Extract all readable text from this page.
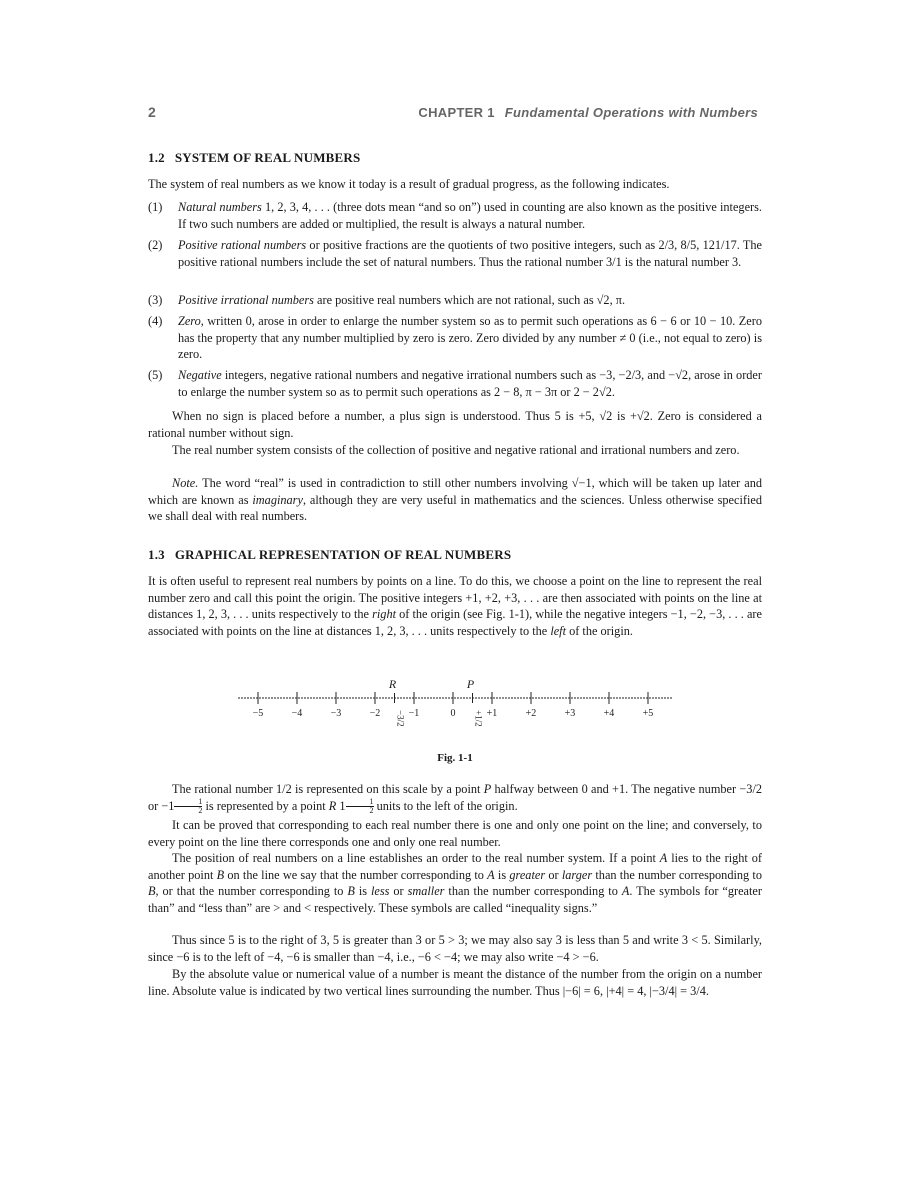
2	CHAPTER 1 Fundamental Operations with Numbers
1.2 SYSTEM OF REAL NUMBERS

The system of real numbers as we know it today is a result of gradual progress, as the following indicates.

(1) Natural numbers 1, 2, 3, 4, . . . (three dots mean “and so on”) used in counting are also known as the positive integers. If two such numbers are added or multiplied, the result is always a natural number.
(2) Positive rational numbers or positive fractions are the quotients of two positive integers, such as 2/3, 8/5, 121/17. The positive rational numbers include the set of natural numbers. Thus the rational number 3/1 is the natural number 3.
(3) Positive irrational numbers are positive real numbers which are not rational, such as √2, π.
(4) Zero, written 0, arose in order to enlarge the number system so as to permit such operations as 6 − 6 or 10 − 10. Zero has the property that any number multiplied by zero is zero. Zero divided by any number ≠ 0 (i.e., not equal to zero) is zero.
(5) Negative integers, negative rational numbers and negative irrational numbers such as −3, −2/3, and −√2, arose in order to enlarge the number system so as to permit such operations as 2 − 8, π − 3π or 2 − 2√2.

When no sign is placed before a number, a plus sign is understood. Thus 5 is +5, √2 is +√2. Zero is considered a rational number without sign.

The real number system consists of the collection of positive and negative rational and irrational numbers and zero.

Note. The word “real” is used in contradiction to still other numbers involving √−1, which will be taken up later and which are known as imaginary, although they are very useful in mathematics and the sciences. Unless otherwise specified we shall deal with real numbers.

1.3 GRAPHICAL REPRESENTATION OF REAL NUMBERS

It is often useful to represent real numbers by points on a line. To do this, we choose a point on the line to represent the real number zero and call this point the origin. The positive integers +1, +2, +3, . . . are then associated with points on the line at distances 1, 2, 3, . . . units respectively to the right of the origin (see Fig. 1-1), while the negative integers −1, −2, −3, . . . are associated with points on the line at distances 1, 2, 3, . . . units respectively to the left of the origin.

−5	−4	−3	−2	−1	0	+1	+2	+3	+4	+5
R
−3/2
P
+1/2
Fig. 1-1

The rational number 1/2 is represented on this scale by a point P halfway between 0 and +1. The negative number −3/2 or $-1 \frac{1}{2}$ is represented by a point R $1 \frac{1}{2}$ units to the left of the origin.

It can be proved that corresponding to each real number there is one and only one point on the line; and conversely, to every point on the line there corresponds one and only one real number.

The position of real numbers on a line establishes an order to the real number system. If a point A lies to the right of another point B on the line we say that the number corresponding to A is greater or larger than the number corresponding to B, or that the number corresponding to B is less or smaller than the number corresponding to A. The symbols for “greater than” and “less than” are > and < respectively. These symbols are called “inequality signs.”

Thus since 5 is to the right of 3, 5 is greater than 3 or 5 > 3; we may also say 3 is less than 5 and write 3 < 5. Similarly, since −6 is to the left of −4, −6 is smaller than −4, i.e., −6 < −4; we may also write −4 > −6.

By the absolute value or numerical value of a number is meant the distance of the number from the origin on a number line. Absolute value is indicated by two vertical lines surrounding the number. Thus |−6| = 6, |+4| = 4, |−3/4| = 3/4.
